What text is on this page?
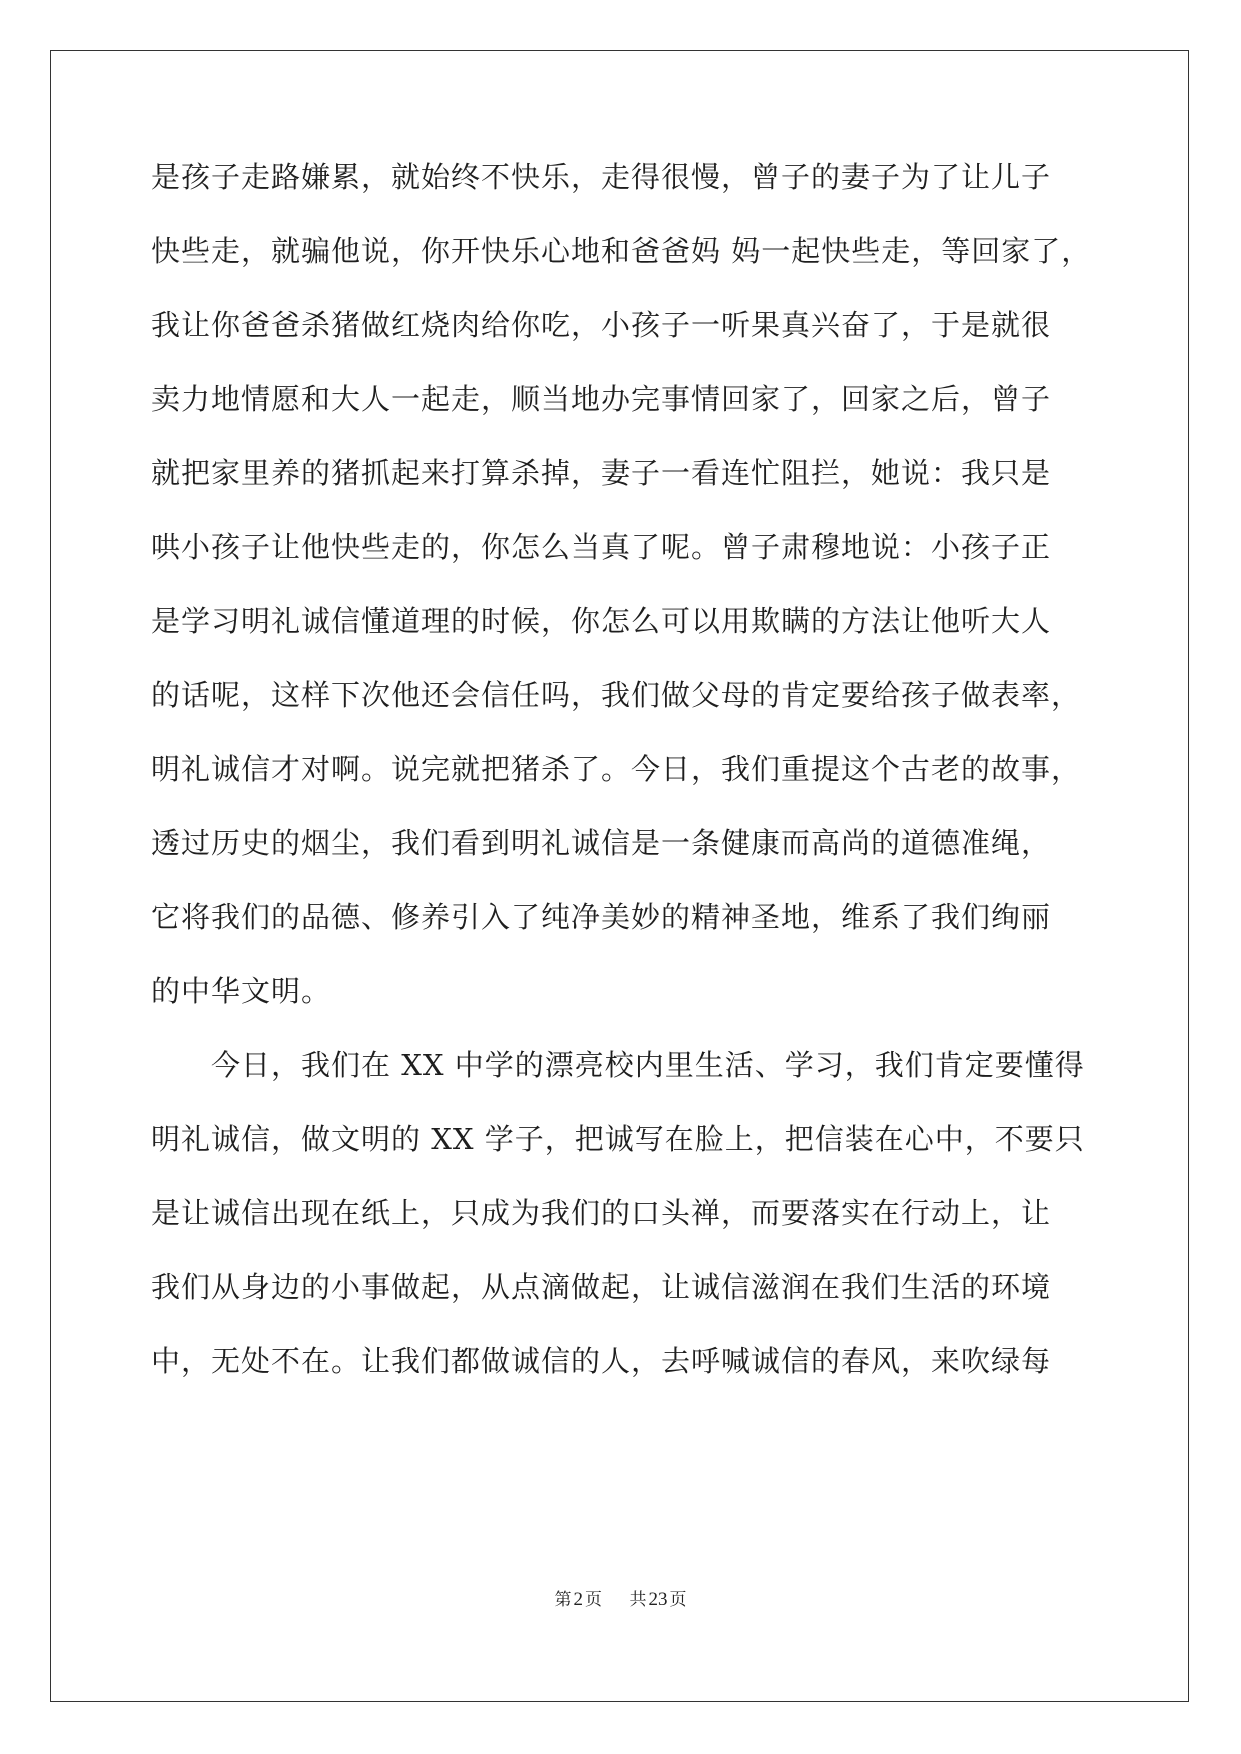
是孩子走路嫌累，就始终不快乐，走得很慢，曾子的妻子为了让儿子
快些走，就骗他说，你开快乐心地和爸爸妈 妈一起快些走，等回家了，
我让你爸爸杀猪做红烧肉给你吃，小孩子一听果真兴奋了，于是就很
卖力地情愿和大人一起走，顺当地办完事情回家了，回家之后，曾子
就把家里养的猪抓起来打算杀掉，妻子一看连忙阻拦，她说：我只是
哄小孩子让他快些走的，你怎么当真了呢。曾子肃穆地说：小孩子正
是学习明礼诚信懂道理的时候，你怎么可以用欺瞒的方法让他听大人
的话呢，这样下次他还会信任吗，我们做父母的肯定要给孩子做表率，
明礼诚信才对啊。说完就把猪杀了。今日，我们重提这个古老的故事，
透过历史的烟尘，我们看到明礼诚信是一条健康而高尚的道德准绳，
它将我们的品德、修养引入了纯净美妙的精神圣地，维系了我们绚丽
的中华文明。
今日，我们在 XX 中学的漂亮校内里生活、学习，我们肯定要懂得
明礼诚信，做文明的 XX 学子，把诚写在脸上，把信装在心中，不要只
是让诚信出现在纸上，只成为我们的口头禅，而要落实在行动上，让
我们从身边的小事做起，从点滴做起，让诚信滋润在我们生活的环境
中，无处不在。让我们都做诚信的人，去呼喊诚信的春风，来吹绿每
第 2 页 共 23 页
